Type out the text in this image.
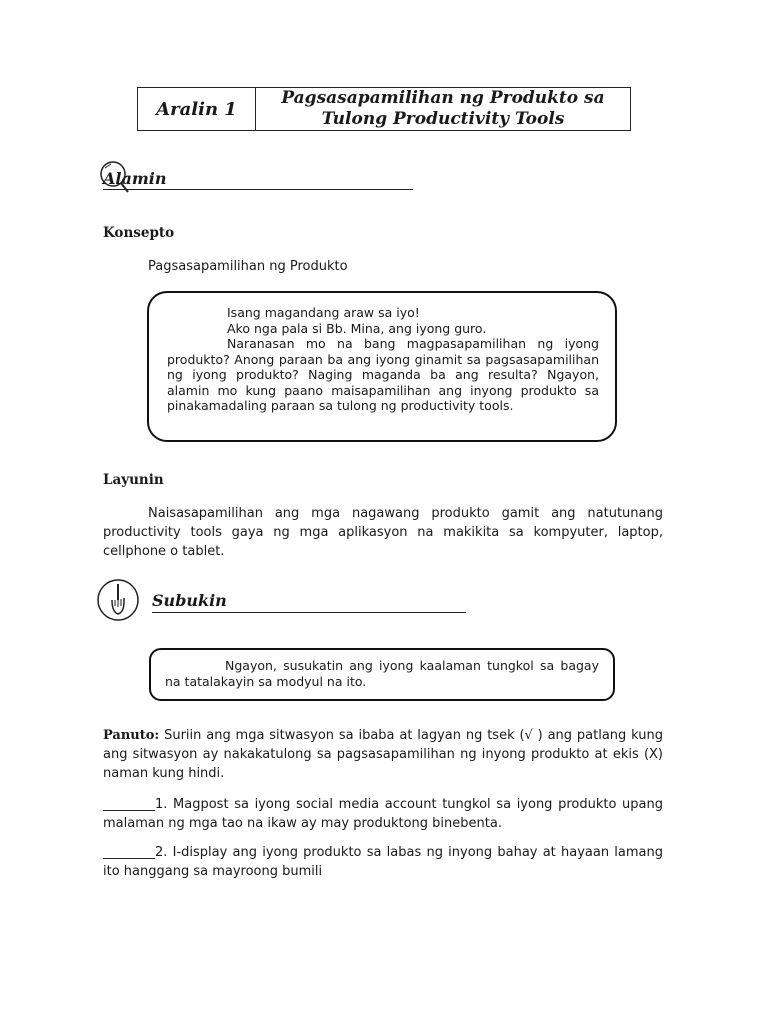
Aralin 1
Pagsasapamilihan ng Produkto sa Tulong Productivity Tools
Alamin
Konsepto
Pagsasapamilihan ng Produkto

Isang magandang araw sa iyo!

Ako nga pala si Bb. Mina, ang iyong guro.

Naranasan mo na bang magpasapamilihan ng iyong produkto? Anong paraan ba ang iyong ginamit sa pagsasapamilihan ng iyong produkto? Naging maganda ba ang resulta? Ngayon, alamin mo kung paano maisapamilihan ang inyong produkto sa pinakamadaling paraan sa tulong ng productivity tools.

Layunin
Naisasapamilihan ang mga nagawang produkto gamit ang natutunang productivity tools gaya ng mga aplikasyon na makikita sa kompyuter, laptop, cellphone o tablet.
Subukin

Ngayon, susukatin ang iyong kaalaman tungkol sa bagay na tatalakayin sa modyul na ito.

Panuto: Suriin ang mga sitwasyon sa ibaba at lagyan ng tsek (√ ) ang patlang kung ang sitwasyon ay nakakatulong sa pagsasapamilihan ng inyong produkto at ekis (X) naman kung hindi.
________1. Magpost sa iyong social media account tungkol sa iyong produkto upang malaman ng mga tao na ikaw ay may produktong binebenta.
________2. I-display ang iyong produkto sa labas ng inyong bahay at hayaan lamang ito hanggang sa mayroong bumili
